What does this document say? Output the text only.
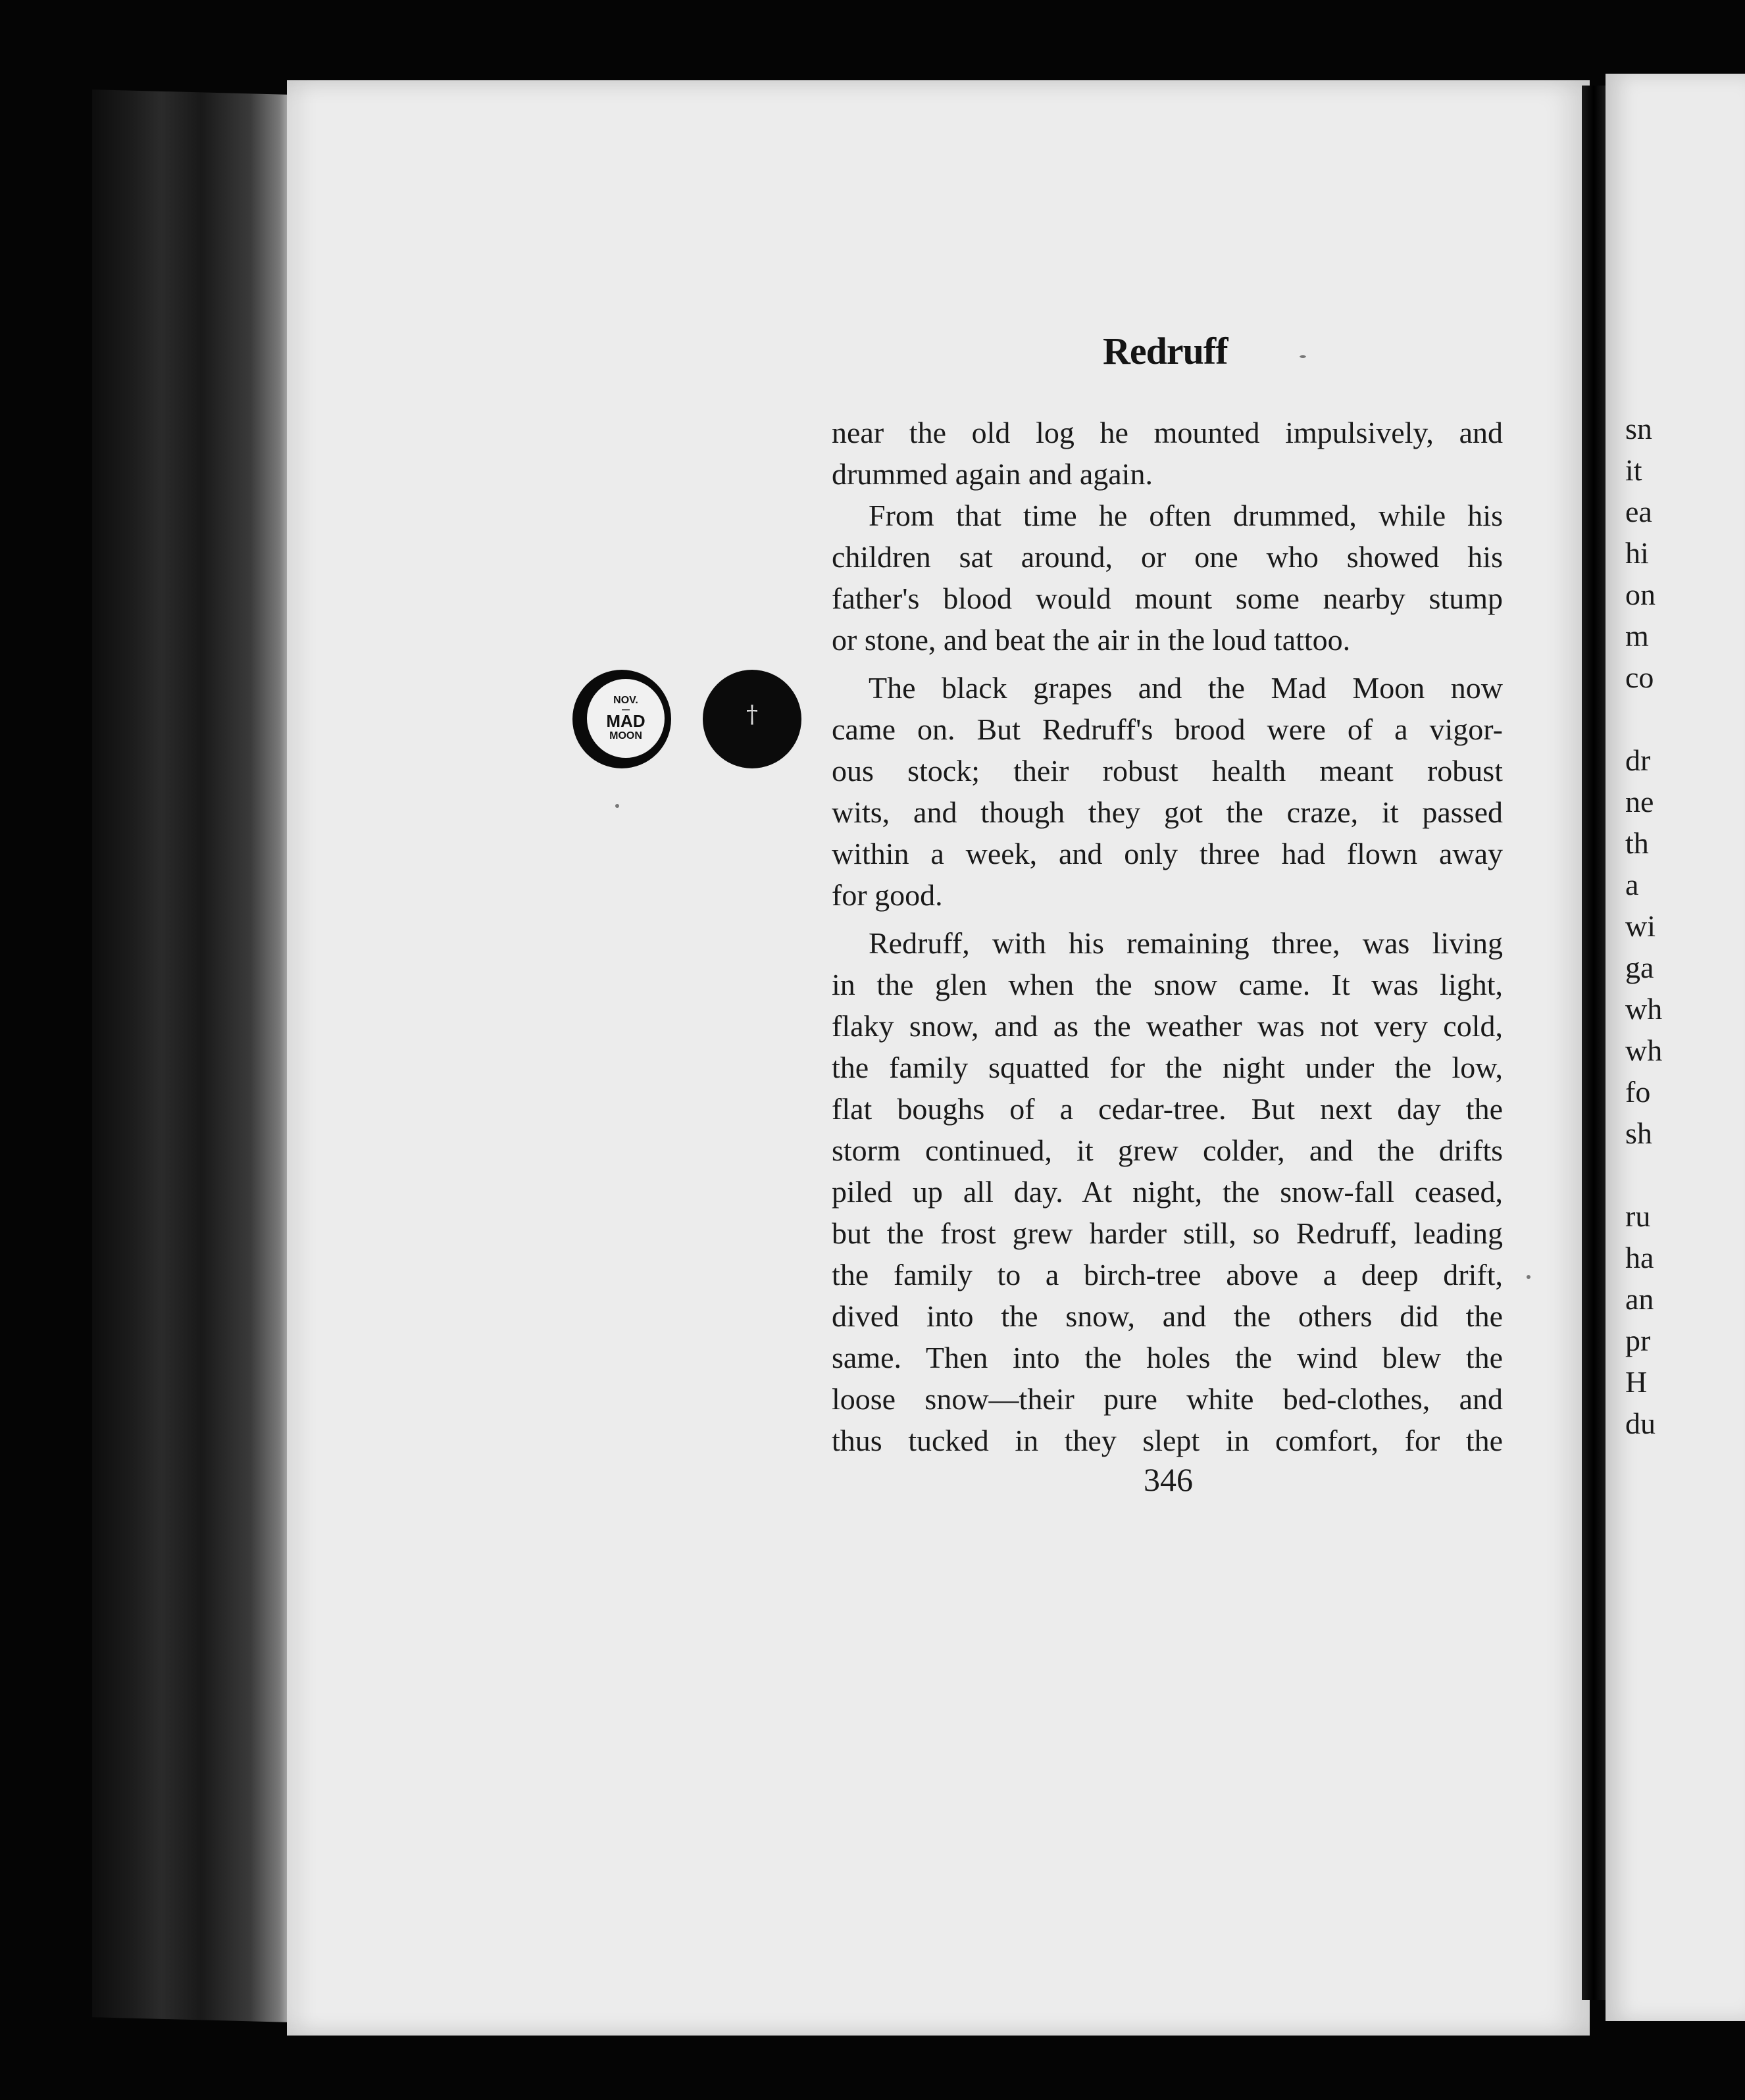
Redruff
near the old log he mounted impulsively, and
drummed again and again.
From that time he often drummed, while his
children sat around, or one who showed his
father's blood would mount some nearby stump
or stone, and beat the air in the loud tattoo.
The black grapes and the Mad Moon now
came on. But Redruff's brood were of a vigor-
ous stock; their robust health meant robust
wits, and though they got the craze, it passed
within a week, and only three had flown away
for good.
Redruff, with his remaining three, was living
in the glen when the snow came. It was light,
flaky snow, and as the weather was not very cold,
the family squatted for the night under the low,
flat boughs of a cedar-tree. But next day the
storm continued, it grew colder, and the drifts
piled up all day. At night, the snow-fall ceased,
but the frost grew harder still, so Redruff, leading
the family to a birch-tree above a deep drift,
dived into the snow, and the others did the
same. Then into the holes the wind blew the
loose snow—their pure white bed-clothes, and
thus tucked in they slept in comfort, for the
346
NOV.
—
MAD
MOON
†
sn
it
ea
hi
on
m
co
dr
ne
th
a
wi
ga
wh
wh
fo
sh
ru
ha
an
pr
H
du
